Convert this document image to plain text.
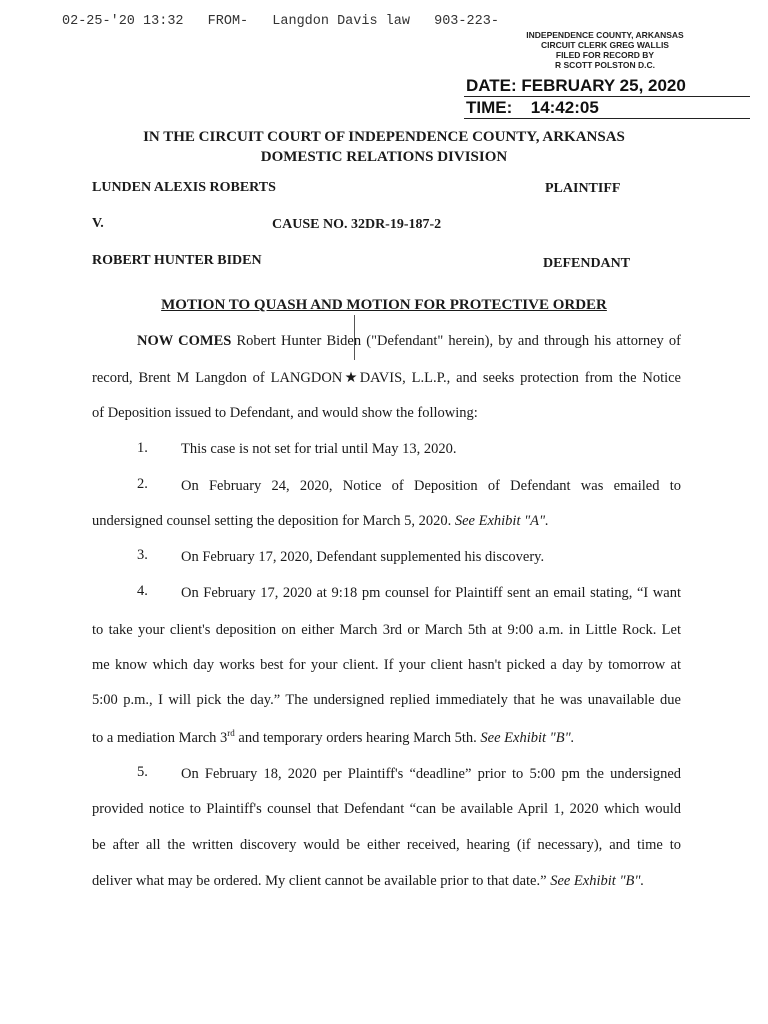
02-25-'20 13:32 FROM- Langdon Davis law 903-223-
INDEPENDENCE COUNTY, ARKANSAS
CIRCUIT CLERK GREG WALLIS
FILED FOR RECORD BY
R SCOTT POLSTON D.C.
DATE: FEBRUARY 25, 2020
TIME: 14:42:05
IN THE CIRCUIT COURT OF INDEPENDENCE COUNTY, ARKANSAS
DOMESTIC RELATIONS DIVISION
LUNDEN ALEXIS ROBERTS	PLAINTIFF
V.	CAUSE NO. 32DR-19-187-2
ROBERT HUNTER BIDEN	DEFENDANT
MOTION TO QUASH AND MOTION FOR PROTECTIVE ORDER
NOW COMES Robert Hunter Biden ("Defendant" herein), by and through his attorney of
record, Brent M Langdon of LANGDON★DAVIS, L.L.P., and seeks protection from the Notice
of Deposition issued to Defendant, and would show the following:
1. This case is not set for trial until May 13, 2020.
2. On February 24, 2020, Notice of Deposition of Defendant was emailed to
undersigned counsel setting the deposition for March 5, 2020. See Exhibit "A".
3. On February 17, 2020, Defendant supplemented his discovery.
4. On February 17, 2020 at 9:18 pm counsel for Plaintiff sent an email stating, “I want
to take your client's deposition on either March 3rd or March 5th at 9:00 a.m. in Little Rock. Let
me know which day works best for your client. If your client hasn't picked a day by tomorrow at
5:00 p.m., I will pick the day.” The undersigned replied immediately that he was unavailable due
to a mediation March 3rd and temporary orders hearing March 5th. See Exhibit "B".
5. On February 18, 2020 per Plaintiff's “deadline” prior to 5:00 pm the undersigned
provided notice to Plaintiff's counsel that Defendant “can be available April 1, 2020 which would
be after all the written discovery would be either received, hearing (if necessary), and time to
deliver what may be ordered. My client cannot be available prior to that date.” See Exhibit "B".
